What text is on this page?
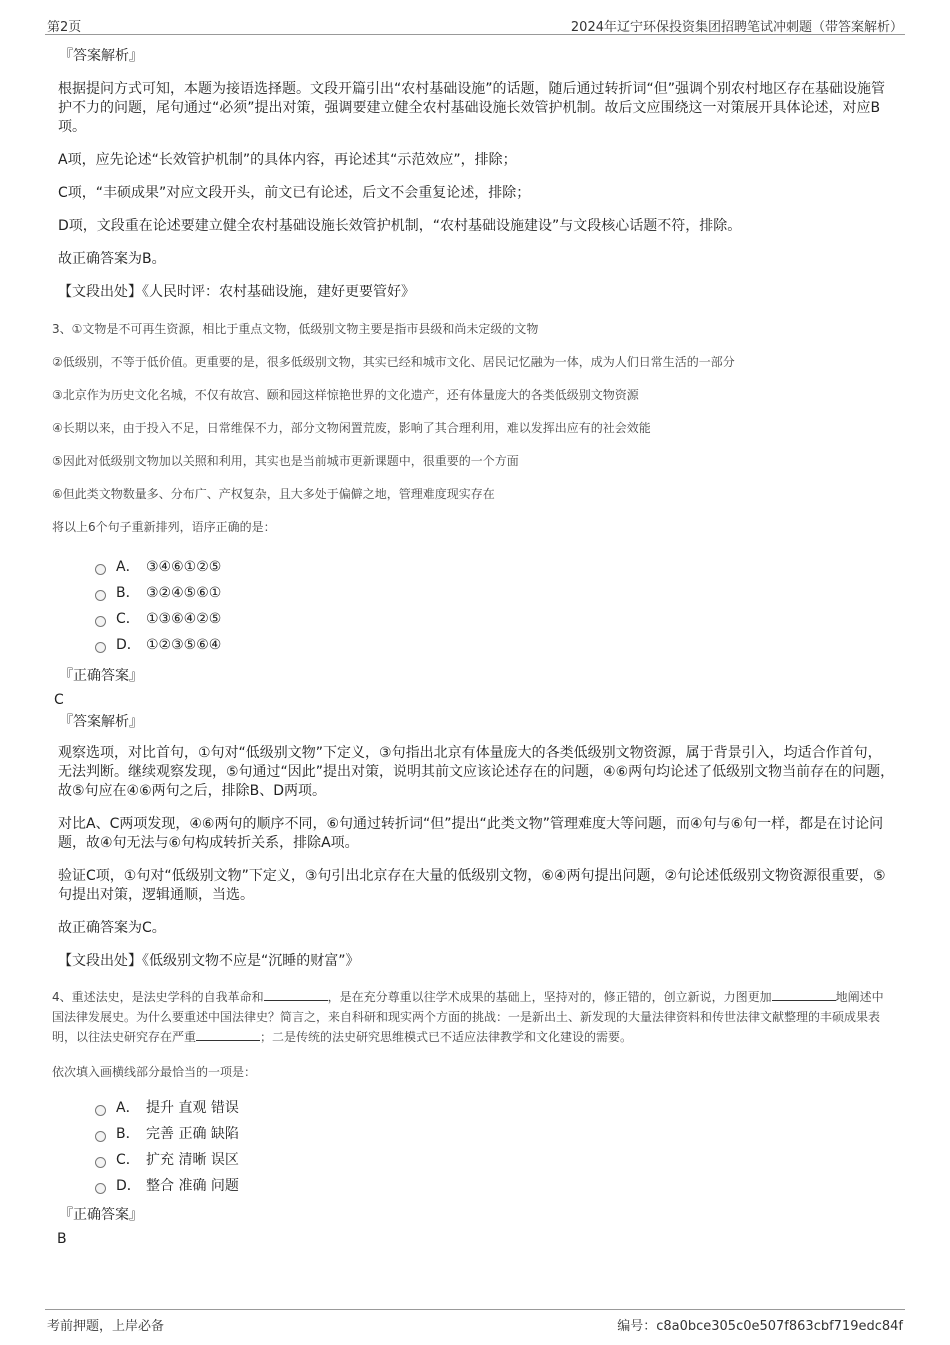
第2页	2024年辽宁环保投资集团招聘笔试冲刺题（带答案解析）
『答案解析』
根据提问方式可知，本题为接语选择题。文段开篇引出“农村基础设施”的话题，随后通过转折词“但”强调个别农村地区存在基础设施管护不力的问题，尾句通过“必须”提出对策，强调要建立健全农村基础设施长效管护机制。故后文应围绕这一对策展开具体论述，对应B项。
A项，应先论述“长效管护机制”的具体内容，再论述其“示范效应”，排除；
C项，“丰硕成果”对应文段开头，前文已有论述，后文不会重复论述，排除；
D项，文段重在论述要建立健全农村基础设施长效管护机制，“农村基础设施建设”与文段核心话题不符，排除。
故正确答案为B。
【文段出处】《人民时评：农村基础设施，建好更要管好》
3、①文物是不可再生资源，相比于重点文物，低级别文物主要是指市县级和尚未定级的文物
②低级别，不等于低价值。更重要的是，很多低级别文物，其实已经和城市文化、居民记忆融为一体，成为人们日常生活的一部分
③北京作为历史文化名城，不仅有故宫、颐和园这样惊艳世界的文化遗产，还有体量庞大的各类低级别文物资源
④长期以来，由于投入不足，日常维保不力，部分文物闲置荒废，影响了其合理利用，难以发挥出应有的社会效能
⑤因此对低级别文物加以关照和利用，其实也是当前城市更新课题中，很重要的一个方面
⑥但此类文物数量多、分布广、产权复杂，且大多处于偏僻之地，管理难度现实存在
将以上6个句子重新排列，语序正确的是：
A． ③④⑥①②⑤
B． ③②④⑤⑥①
C． ①③⑥④②⑤
D． ①②③⑤⑥④
『正确答案』
C
『答案解析』
观察选项，对比首句，①句对“低级别文物”下定义，③句指出北京有体量庞大的各类低级别文物资源，属于背景引入，均适合作首句，无法判断。继续观察发现，⑤句通过“因此”提出对策，说明其前文应该论述存在的问题，④⑥两句均论述了低级别文物当前存在的问题，故⑤句应在④⑥两句之后，排除B、D两项。
对比A、C两项发现，④⑥两句的顺序不同，⑥句通过转折词“但”提出“此类文物”管理难度大等问题，而④句与⑥句一样，都是在讨论问题，故④句无法与⑥句构成转折关系，排除A项。
验证C项，①句对“低级别文物”下定义，③句引出北京存在大量的低级别文物，⑥④两句提出问题，②句论述低级别文物资源很重要，⑤句提出对策，逻辑通顺，当选。
故正确答案为C。
【文段出处】《低级别文物不应是“沉睡的财富”》
4、重述法史，是法史学科的自我革命和	，是在充分尊重以往学术成果的基础上，坚持对的，修正错的，创立新说，力图更加	地阐述中国法律发展史。为什么要重述中国法律史？简言之，来自科研和现实两个方面的挑战：一是新出土、新发现的大量法律资料和传世法律文献整理的丰硕成果表明，以往法史研究存在严重	；二是传统的法史研究思维模式已不适应法律教学和文化建设的需要。
依次填入画横线部分最恰当的一项是：
A． 提升 直观 错误
B． 完善 正确 缺陷
C． 扩充 清晰 误区
D． 整合 准确 问题
『正确答案』
B
考前押题，上岸必备	编号：c8a0bce305c0e507f863cbf719edc84f
